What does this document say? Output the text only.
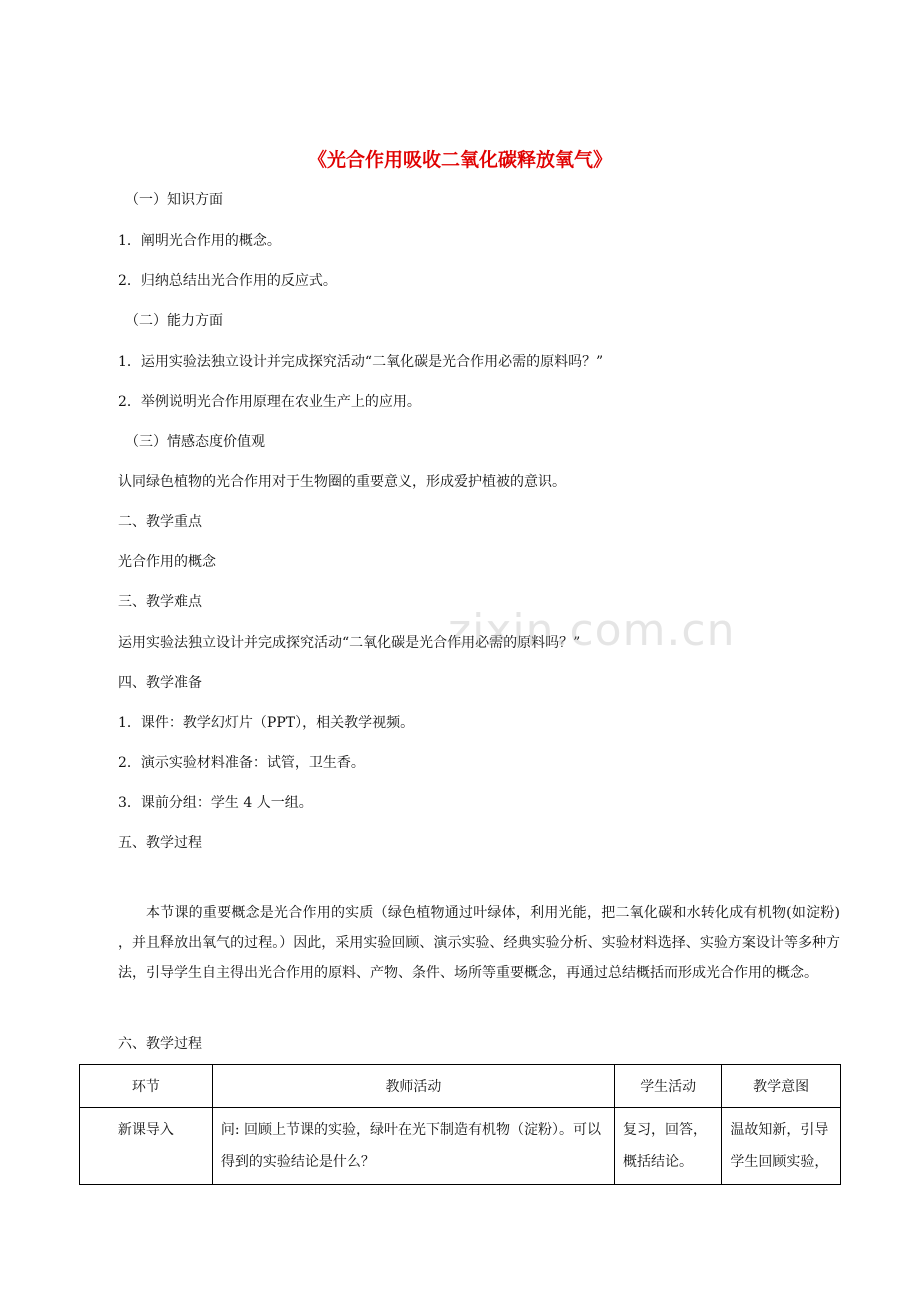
《光合作用吸收二氧化碳释放氧气》
（一）知识方面
1．阐明光合作用的概念。
2．归纳总结出光合作用的反应式。
（二）能力方面
1．运用实验法独立设计并完成探究活动“二氧化碳是光合作用必需的原料吗？”
2．举例说明光合作用原理在农业生产上的应用。
（三）情感态度价值观
认同绿色植物的光合作用对于生物圈的重要意义，形成爱护植被的意识。
二、教学重点
光合作用的概念
三、教学难点
运用实验法独立设计并完成探究活动“二氧化碳是光合作用必需的原料吗？”
四、教学准备
1．课件：教学幻灯片（PPT），相关教学视频。
2．演示实验材料准备：试管，卫生香。
3．课前分组：学生 4 人一组。
五、教学过程
本节课的重要概念是光合作用的实质（绿色植物通过叶绿体，利用光能，把二氧化碳和水转化成有机物(如淀粉) ，并且释放出氧气的过程。）因此，采用实验回顾、演示实验、经典实验分析、实验材料选择、实验方案设计等多种方法，引导学生自主得出光合作用的原料、产物、条件、场所等重要概念，再通过总结概括而形成光合作用的概念。
六、教学过程
zixin.com.cn
环节	教师活动	学生活动	教学意图
新课导入	问: 回顾上节课的实验，绿叶在光下制造有机物（淀粉）。可以得到的实验结论是什么？	复习，回答，概括结论。	温故知新，引导学生回顾实验，
